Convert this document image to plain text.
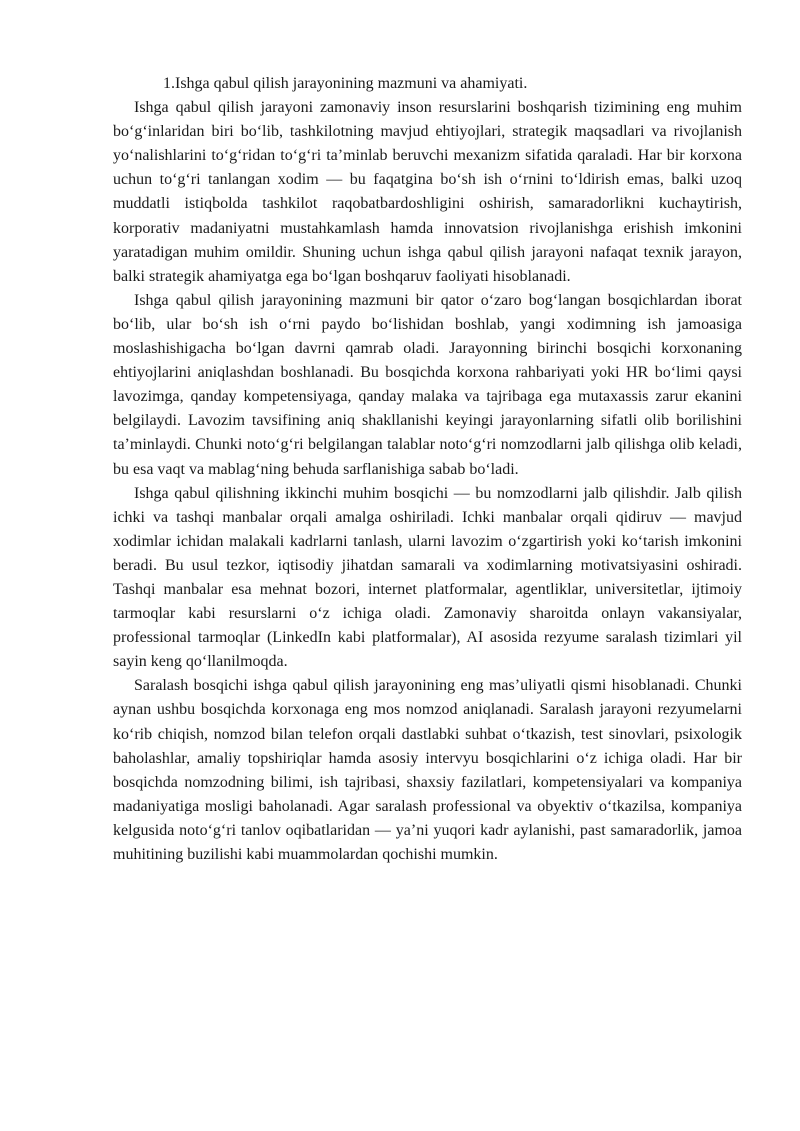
1.Ishga qabul qilish jarayonining mazmuni va ahamiyati.

Ishga qabul qilish jarayoni zamonaviy inson resurslarini boshqarish tizimining eng muhim bo‘g‘inlaridan biri bo‘lib, tashkilotning mavjud ehtiyojlari, strategik maqsadlari va rivojlanish yo‘nalishlarini to‘g‘ridan to‘g‘ri ta’minlab beruvchi mexanizm sifatida qaraladi. Har bir korxona uchun to‘g‘ri tanlangan xodim — bu faqatgina bo‘sh ish o‘rnini to‘ldirish emas, balki uzoq muddatli istiqbolda tashkilot raqobatbardoshligini oshirish, samaradorlikni kuchaytirish, korporativ madaniyatni mustahkamlash hamda innovatsion rivojlanishga erishish imkonini yaratadigan muhim omildir. Shuning uchun ishga qabul qilish jarayoni nafaqat texnik jarayon, balki strategik ahamiyatga ega bo‘lgan boshqaruv faoliyati hisoblanadi.

Ishga qabul qilish jarayonining mazmuni bir qator o‘zaro bog‘langan bosqichlardan iborat bo‘lib, ular bo‘sh ish o‘rni paydo bo‘lishidan boshlab, yangi xodimning ish jamoasiga moslashishigacha bo‘lgan davrni qamrab oladi. Jarayonning birinchi bosqichi korxonaning ehtiyojlarini aniqlashdan boshlanadi. Bu bosqichda korxona rahbariyati yoki HR bo‘limi qaysi lavozimga, qanday kompetensiyaga, qanday malaka va tajribaga ega mutaxassis zarur ekanini belgilaydi. Lavozim tavsifining aniq shakllanishi keyingi jarayonlarning sifatli olib borilishini ta’minlaydi. Chunki noto‘g‘ri belgilangan talablar noto‘g‘ri nomzodlarni jalb qilishga olib keladi, bu esa vaqt va mablag‘ning behuda sarflanishiga sabab bo‘ladi.

Ishga qabul qilishning ikkinchi muhim bosqichi — bu nomzodlarni jalb qilishdir. Jalb qilish ichki va tashqi manbalar orqali amalga oshiriladi. Ichki manbalar orqali qidiruv — mavjud xodimlar ichidan malakali kadrlarni tanlash, ularni lavozim o‘zgartirish yoki ko‘tarish imkonini beradi. Bu usul tezkor, iqtisodiy jihatdan samarali va xodimlarning motivatsiyasini oshiradi. Tashqi manbalar esa mehnat bozori, internet platformalar, agentliklar, universitetlar, ijtimoiy tarmoqlar kabi resurslarni o‘z ichiga oladi. Zamonaviy sharoitda onlayn vakansiyalar, professional tarmoqlar (LinkedIn kabi platformalar), AI asosida rezyume saralash tizimlari yil sayin keng qo‘llanilmoqda.

Saralash bosqichi ishga qabul qilish jarayonining eng mas’uliyatli qismi hisoblanadi. Chunki aynan ushbu bosqichda korxonaga eng mos nomzod aniqlanadi. Saralash jarayoni rezyumelarni ko‘rib chiqish, nomzod bilan telefon orqali dastlabki suhbat o‘tkazish, test sinovlari, psixologik baholashlar, amaliy topshiriqlar hamda asosiy intervyu bosqichlarini o‘z ichiga oladi. Har bir bosqichda nomzodning bilimi, ish tajribasi, shaxsiy fazilatlari, kompetensiyalari va kompaniya madaniyatiga mosligi baholanadi. Agar saralash professional va obyektiv o‘tkazilsa, kompaniya kelgusida noto‘g‘ri tanlov oqibatlaridan — ya’ni yuqori kadr aylanishi, past samaradorlik, jamoa muhitining buzilishi kabi muammolardan qochishi mumkin.
